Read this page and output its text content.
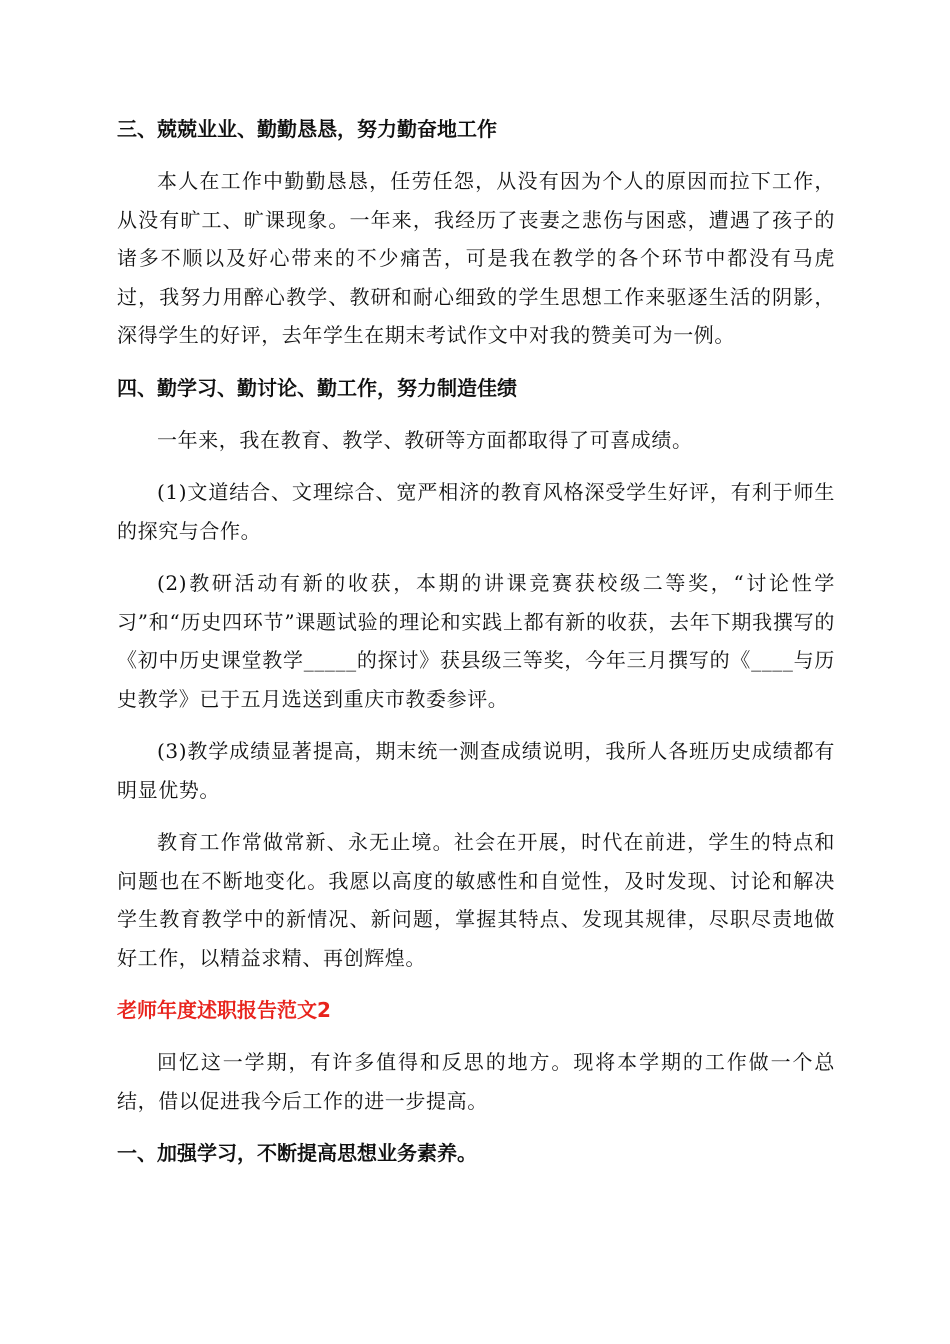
三、兢兢业业、勤勤恳恳，努力勤奋地工作

本人在工作中勤勤恳恳，任劳任怨，从没有因为个人的原因而拉下工作，从没有旷工、旷课现象。一年来，我经历了丧妻之悲伤与困惑，遭遇了孩子的诸多不顺以及好心带来的不少痛苦，可是我在教学的各个环节中都没有马虎过，我努力用醉心教学、教研和耐心细致的学生思想工作来驱逐生活的阴影，深得学生的好评，去年学生在期末考试作文中对我的赞美可为一例。

四、勤学习、勤讨论、勤工作，努力制造佳绩

一年来，我在教育、教学、教研等方面都取得了可喜成绩。

(1)文道结合、文理综合、宽严相济的教育风格深受学生好评，有利于师生的探究与合作。

(2)教研活动有新的收获，本期的讲课竞赛获校级二等奖，“讨论性学习”和“历史四环节”课题试验的理论和实践上都有新的收获，去年下期我撰写的《初中历史课堂教学_____的探讨》获县级三等奖，今年三月撰写的《____与历史教学》已于五月选送到重庆市教委参评。

(3)教学成绩显著提高，期末统一测查成绩说明，我所人各班历史成绩都有明显优势。

教育工作常做常新、永无止境。社会在开展，时代在前进，学生的特点和问题也在不断地变化。我愿以高度的敏感性和自觉性，及时发现、讨论和解决学生教育教学中的新情况、新问题，掌握其特点、发现其规律，尽职尽责地做好工作，以精益求精、再创辉煌。

老师年度述职报告范文2

回忆这一学期，有许多值得和反思的地方。现将本学期的工作做一个总结，借以促进我今后工作的进一步提高。

一、加强学习，不断提高思想业务素养。
